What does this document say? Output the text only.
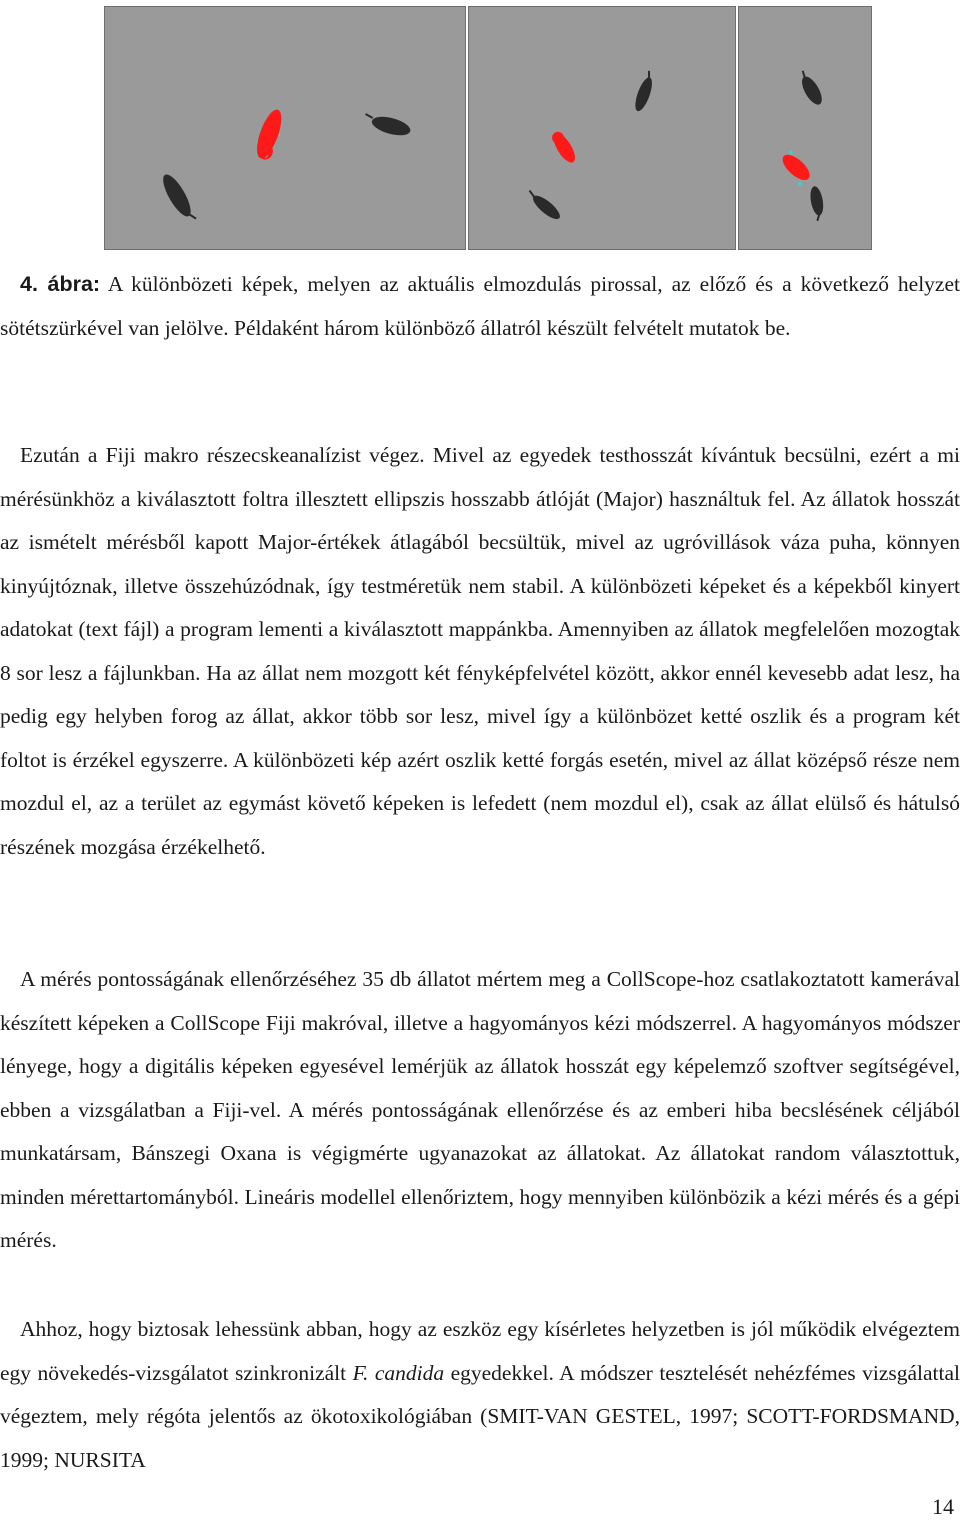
4. ábra: A különbözeti képek, melyen az aktuális elmozdulás pirossal, az előző és a következő helyzet sötétszürkével van jelölve. Példaként három különböző állatról készült felvételt mutatok be.

Ezután a Fiji makro részecskeanalízist végez. Mivel az egyedek testhosszát kívántuk becsülni, ezért a mi mérésünkhöz a kiválasztott foltra illesztett ellipszis hosszabb átlóját (Major) használtuk fel. Az állatok hosszát az ismételt mérésből kapott Major-értékek átlagából becsültük, mivel az ugróvillások váza puha, könnyen kinyújtóznak, illetve összehúzódnak, így testméretük nem stabil. A különbözeti képeket és a képekből kinyert adatokat (text fájl) a program lementi a kiválasztott mappánkba. Amennyiben az állatok megfelelően mozogtak 8 sor lesz a fájlunkban. Ha az állat nem mozgott két fényképfelvétel között, akkor ennél kevesebb adat lesz, ha pedig egy helyben forog az állat, akkor több sor lesz, mivel így a különbözet ketté oszlik és a program két foltot is érzékel egyszerre. A különbözeti kép azért oszlik ketté forgás esetén, mivel az állat középső része nem mozdul el, az a terület az egymást követő képeken is lefedett (nem mozdul el), csak az állat elülső és hátulsó részének mozgása érzékelhető.

A mérés pontosságának ellenőrzéséhez 35 db állatot mértem meg a CollScope-hoz csatlakoztatott kamerával készített képeken a CollScope Fiji makróval, illetve a hagyományos kézi módszerrel. A hagyományos módszer lényege, hogy a digitális képeken egyesével lemérjük az állatok hosszát egy képelemző szoftver segítségével, ebben a vizsgálatban a Fiji-vel. A mérés pontosságának ellenőrzése és az emberi hiba becslésének céljából munkatársam, Bánszegi Oxana is végigmérte ugyanazokat az állatokat. Az állatokat random választottuk, minden mérettartományból. Lineáris modellel ellenőriztem, hogy mennyiben különbözik a kézi mérés és a gépi mérés.

Ahhoz, hogy biztosak lehessünk abban, hogy az eszköz egy kísérletes helyzetben is jól működik elvégeztem egy növekedés-vizsgálatot szinkronizált F. candida egyedekkel. A módszer tesztelését nehézfémes vizsgálattal végeztem, mely régóta jelentős az ökotoxikológiában (SMIT-VAN GESTEL, 1997; SCOTT-FORDSMAND, 1999; NURSITA

14
